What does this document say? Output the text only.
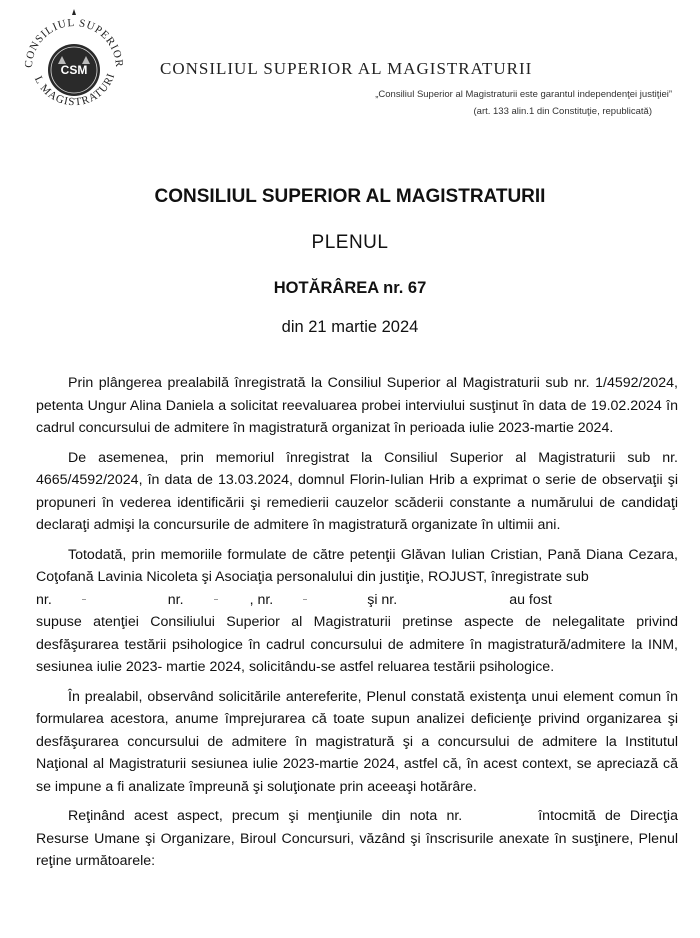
CSM
CONSILIUL SUPERIOR
L MAGISTRATURI	CONSILIUL SUPERIOR AL MAGISTRATURII
„Consiliul Superior al Magistraturii este garantul independenţei justiţiei”
(art. 133 alin.1 din Constituţie, republicată)
CONSILIUL SUPERIOR AL MAGISTRATURII
PLENUL
HOTĂRÂREA nr. 67
din 21 martie 2024

Prin plângerea prealabilă înregistrată la Consiliul Superior al Magistraturii sub nr. 1/4592/2024, petenta Ungur Alina Daniela a solicitat reevaluarea probei interviului susţinut în data de 19.02.2024 în cadrul concursului de admitere în magistratură organizat în perioada iulie 2023-martie 2024.

De asemenea, prin memoriul înregistrat la Consiliul Superior al Magistraturii sub nr. 4665/4592/2024, în data de 13.03.2024, domnul Florin-Iulian Hrib a exprimat o serie de observaţii şi propuneri în vederea identificării şi remedierii cauzelor scăderii constante a numărului de candidaţi declaraţi admişi la concursurile de admitere în magistratură organizate în ultimii ani.

Totodată, prin memoriile formulate de către petenţii Glăvan Iulian Cristian, Pană Diana Cezara, Coţofană Lavinia Nicoleta şi Asociaţia personalului din justiţie, ROJUST, înregistrate sub

nr.	nr.	, nr.	şi nr.	au fost

supuse atenţiei Consiliului Superior al Magistraturii pretinse aspecte de nelegalitate privind desfăşurarea testării psihologice în cadrul concursului de admitere în magistratură/admitere la INM, sesiunea iulie 2023- martie 2024, solicitându-se astfel reluarea testării psihologice.

În prealabil, observând solicitările antereferite, Plenul constată existenţa unui element comun în formularea acestora, anume împrejurarea că toate supun analizei deficienţe privind organizarea şi desfăşurarea concursului de admitere în magistratură şi a concursului de admitere la Institutul Naţional al Magistraturii sesiunea iulie 2023-martie 2024, astfel că, în acest context, se apreciază că se impune a fi analizate împreună şi soluţionate prin aceeaşi hotărâre.

Reţinând acest aspect, precum şi menţiunile din nota nr.	întocmită de Direcţia Resurse Umane şi Organizare, Biroul Concursuri, văzând şi înscrisurile anexate în susţinere, Plenul reţine următoarele:
